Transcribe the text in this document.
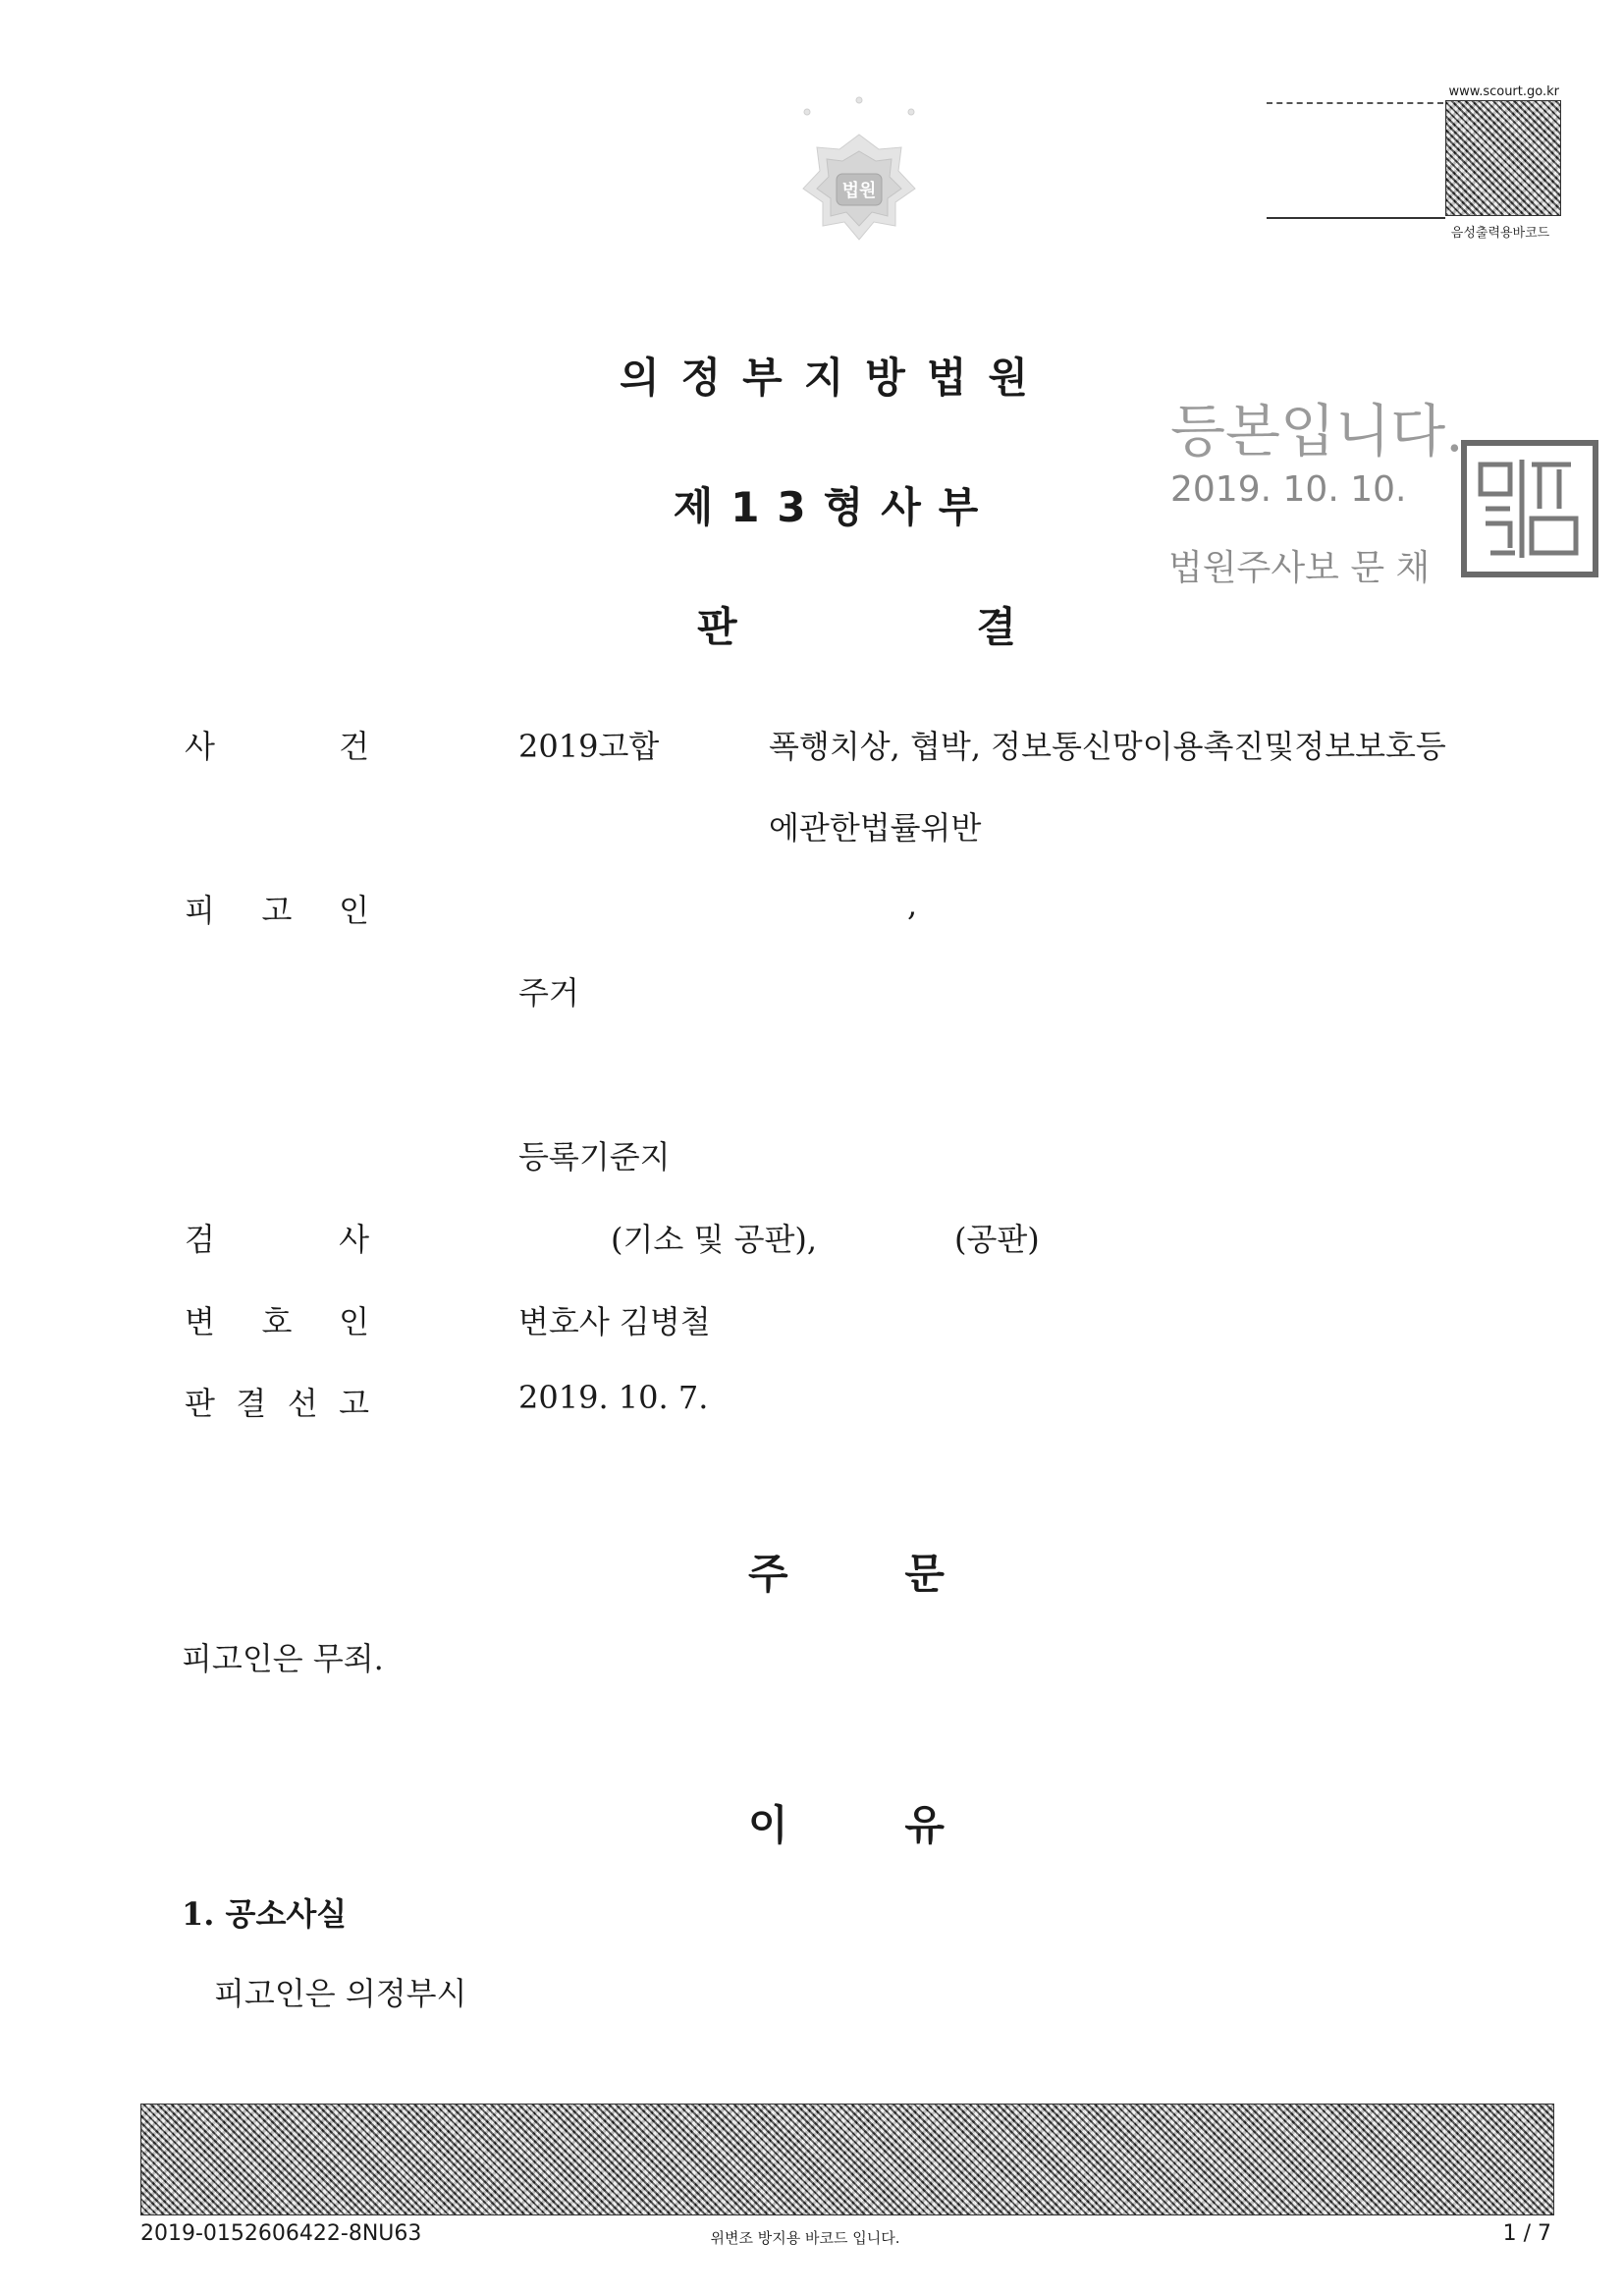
법원
www.scourt.go.kr
음성출력용바코드
의정부지방법원
제13형사부
판	결
등본입니다.
2019. 10. 10.
법원주사보 문 채
사	건	2019고합	폭행치상, 협박, 정보통신망이용촉진및정보보호등
에관한법률위반
피 고 인	,
주거
등록기준지
검	사	(기소 및 공판),	(공판)
변 호 인	변호사 김병철
판 결 선 고	2019. 10. 7.
주	문
피고인은 무죄.
이	유
1. 공소사실
피고인은 의정부시
2019-0152606422-8NU63	위변조 방지용 바코드 입니다.	1 / 7
